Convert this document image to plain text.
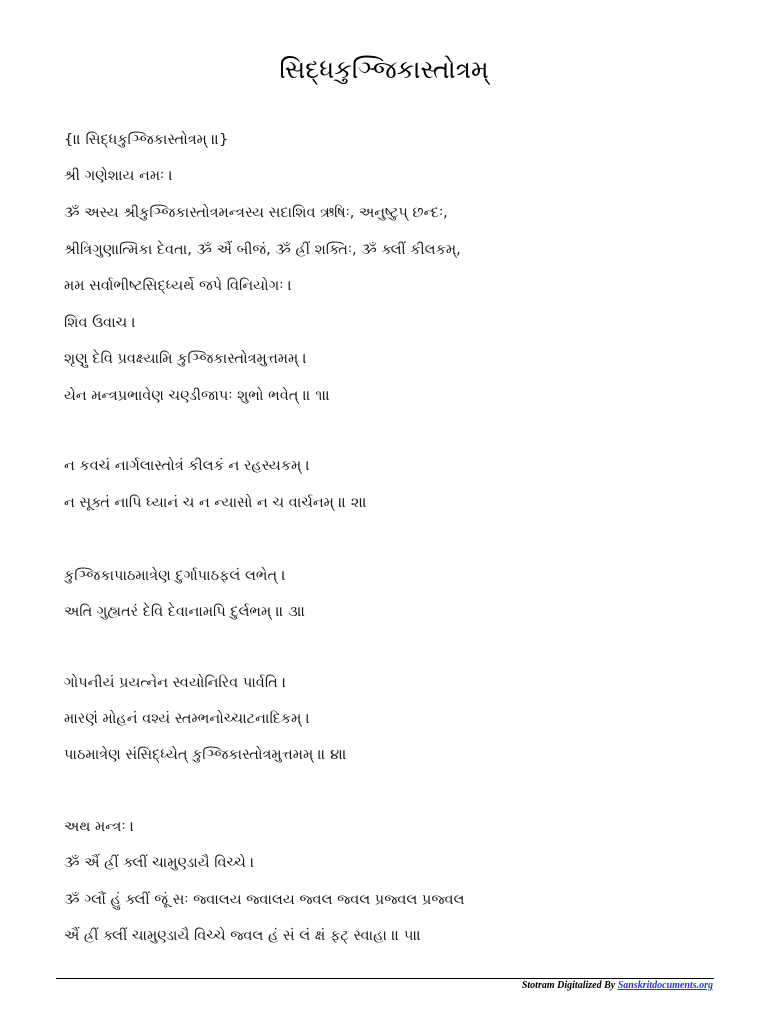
સિદ્ધકુઞ્જિકાસ્તોત્રમ્
{॥ સિદ્ધકુઞ્જિકાસ્તોત્રમ્ ॥}
શ્રી ગણેશાય નમઃ ।
ૐ અસ્ય શ્રીકુઞ્જિકાસ્તોત્રમન્ત્રસ્ય સદાશિવ ઋષિઃ, અનુષ્ટુપ્ છન્દઃ,
શ્રીત્રિગુણાત્મિકા દેવતા, ૐ ઐં બીજં, ૐ હ્રીં શક્તિઃ, ૐ ક્લીં કીલકમ્,
મમ સર્વાભીષ્ટસિદ્ધ્યર્થે જપે વિનિયોગઃ ।
શિવ ઉવાચ ।
શૃણુ દેવિ પ્રવક્ષ્યામિ કુઞ્જિકાસ્તોત્રમુત્તમમ્ ।
યેન મન્ત્રપ્રભાવેણ ચણ્ડીજાપઃ શુભો ભવેત્ ॥ ૧॥
ન કવચં નાર્ગલાસ્તોત્રં કીલકં ન રહસ્યકમ્ ।
ન સૂક્તં નાપિ ધ્યાનં ચ ન ન્યાસો ન ચ વાર્ચનમ્ ॥ ૨॥
કુઞ્જિકાપાઠમાત્રેણ દુર્ગાપાઠફલં લભેત્ ।
અતિ ગુહ્યતરં દેવિ દેવાનામપિ દુર્લભમ્ ॥ ૩॥
ગોપનીયં પ્રયત્નેન સ્વયોનિરિવ પાર્વતિ ।
મારણં મોહનં વશ્યં સ્તમ્ભનોચ્ચાટનાદિકમ્ ।
પાઠમાત્રેણ સંસિદ્ધ્યેત્ કુઞ્જિકાસ્તોત્રમુત્તમમ્ ॥ ૪॥
અથ મન્ત્રઃ ।
ૐ ઐં હ્રીં ક્લીં ચામુણ્ડાયૈ વિચ્ચે ।
ૐ ગ્લૌં હું ક્લીં જૂં સઃ જ્વાલય જ્વાલય જ્વલ જ્વલ પ્રજ્વલ પ્રજ્વલ
ઐં હ્રીં ક્લીં ચામુણ્ડાયૈ વિચ્ચે જ્વલ હં સં લં ક્ષં ફટ્ સ્વાહા ॥ ૫॥
Stotram Digitalized By Sanskritdocuments.org
